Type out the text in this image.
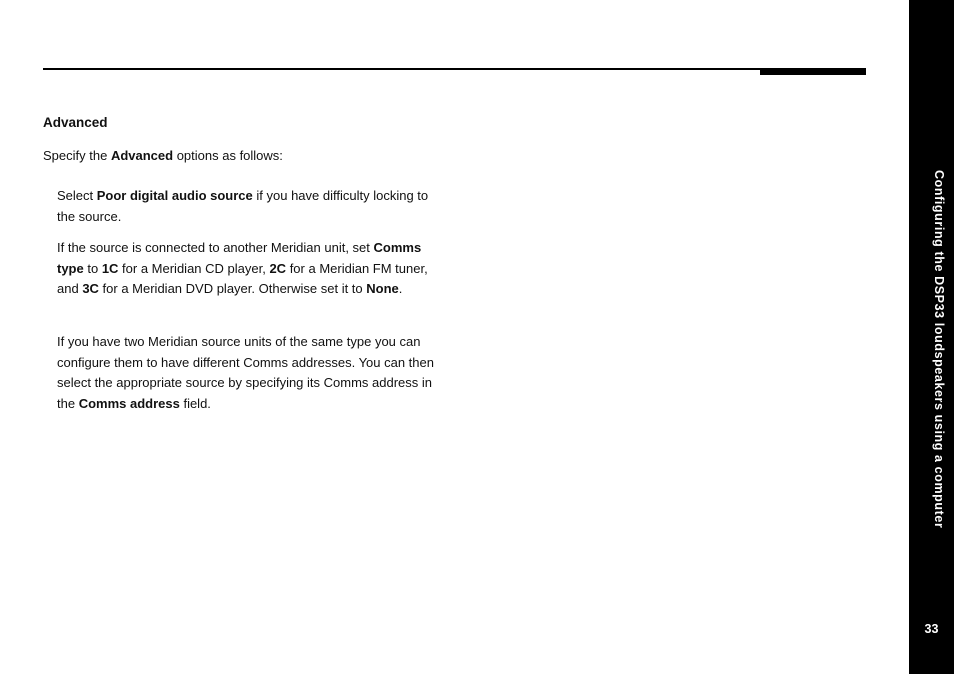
Advanced

Specify the Advanced options as follows:

Select Poor digital audio source if you have difficulty locking to the source.

If the source is connected to another Meridian unit, set Comms type to 1C for a Meridian CD player, 2C for a Meridian FM tuner, and 3C for a Meridian DVD player. Otherwise set it to None.

If you have two Meridian source units of the same type you can configure them to have different Comms addresses. You can then select the appropriate source by specifying its Comms address in the Comms address field.	Configuring the DSP33 loudspeakers using a computer
33
